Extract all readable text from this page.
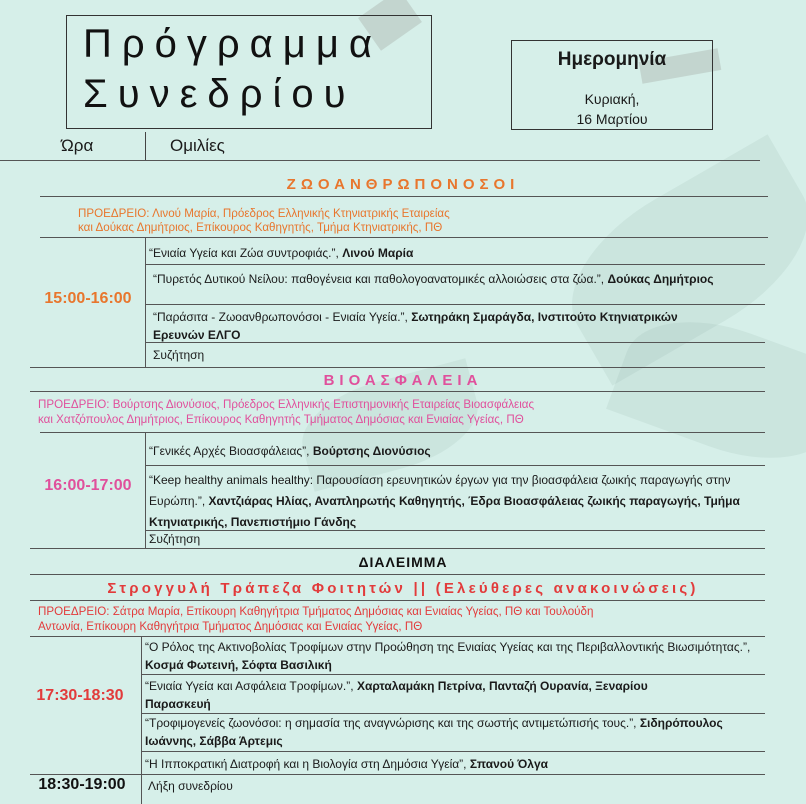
Πρόγραμμα
Συνεδρίου
Ημερομηνία
Κυριακή,
16 Μαρτίου
Ώρα	Ομιλίες
ΖΩΟΑΝΘΡΩΠΟΝΟΣΟΙ
ΠΡΟΕΔΡΕΙΟ: Λινού Μαρία, Πρόεδρος Ελληνικής Κτηνιατρικής Εταιρείας
και Δούκας Δημήτριος, Επίκουρος Καθηγητής, Τμήμα Κτηνιατρικής, ΠΘ
15:00-16:00
“Ενιαία Υγεία και Ζώα συντροφιάς.”, Λινού Μαρία
“Πυρετός Δυτικού Νείλου: παθογένεια και παθολογοανατομικές αλλοιώσεις στα ζώα.”, Δούκας Δημήτριος
“Παράσιτα - Ζωοανθρωπονόσοι - Ενιαία Υγεία.”, Σωτηράκη Σμαράγδα, Ινστιτούτο Κτηνιατρικών Ερευνών ΕΛΓΟ
Συζήτηση
ΒΙΟΑΣΦΑΛΕΙΑ
ΠΡΟΕΔΡΕΙΟ: Βούρτσης Διονύσιος, Πρόεδρος Ελληνικής Επιστημονικής Εταιρείας Βιοασφάλειας
και Χατζόπουλος Δημήτριος, Επίκουρος Καθηγητής Τμήματος Δημόσιας και Ενιαίας Υγείας, ΠΘ
16:00-17:00
“Γενικές Αρχές Βιοασφάλειας”, Βούρτσης Διονύσιος
“Keep healthy animals healthy: Παρουσίαση ερευνητικών έργων για την βιοασφάλεια ζωικής παραγωγής στην Ευρώπη.”, Χαντζιάρας Ηλίας, Αναπληρωτής Καθηγητής, Έδρα Βιοασφάλειας ζωικής παραγωγής, Τμήμα Κτηνιατρικής, Πανεπιστήμιο Γάνδης
Συζήτηση
ΔΙΑΛΕΙΜΜΑ
Στρογγυλή Τράπεζα Φοιτητών || (Ελεύθερες ανακοινώσεις)
ΠΡΟΕΔΡΕΙΟ: Σάτρα Μαρία, Επίκουρη Καθηγήτρια Τμήματος Δημόσιας και Ενιαίας Υγείας, ΠΘ και Τουλούδη
Αντωνία, Επίκουρη Καθηγήτρια Τμήματος Δημόσιας και Ενιαίας Υγείας, ΠΘ
17:30-18:30
“Ο Ρόλος της Ακτινοβολίας Τροφίμων στην Προώθηση της Ενιαίας Υγείας και της Περιβαλλοντικής Βιωσιμότητας.”, Κοσμά Φωτεινή, Σόφτα Βασιλική
“Ενιαία Υγεία και Ασφάλεια Τροφίμων.”, Χαρταλαμάκη Πετρίνα, Πανταζή Ουρανία, Ξεναρίου Παρασκευή
“Τροφιμογενείς ζωονόσοι: η σημασία της αναγνώρισης και της σωστής αντιμετώπισής τους.”, Σιδηρόπουλος Ιωάννης, Σάββα Άρτεμις
“Η Ιπποκρατική Διατροφή και η Βιολογία στη Δημόσια Υγεία”, Σπανού Όλγα
18:30-19:00	Λήξη συνεδρίου
